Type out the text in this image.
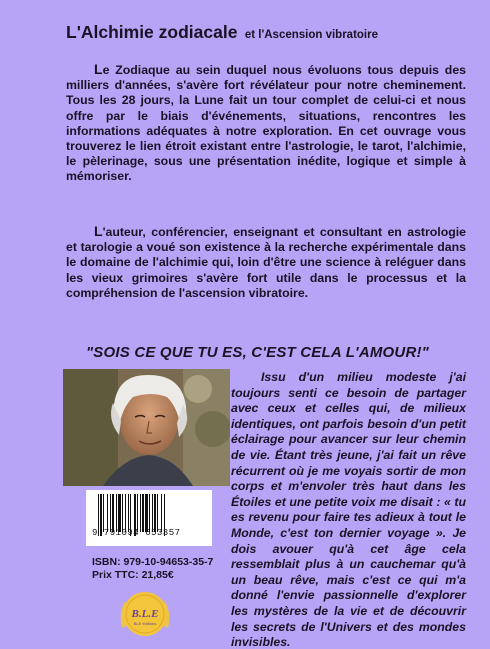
L'Alchimie zodiacale et l'Ascension vibratoire
Le Zodiaque au sein duquel nous évoluons tous depuis des milliers d'années, s'avère fort révélateur pour notre cheminement. Tous les 28 jours, la Lune fait un tour complet de celui-ci et nous offre par le biais d'événements, situations, rencontres les informations adéquates à notre exploration. En cet ouvrage vous trouverez le lien étroit existant entre l'astrologie, le tarot, l'alchimie, le pèlerinage, sous une présentation inédite, logique et simple à mémoriser.
L'auteur, conférencier, enseignant et consultant en astrologie et tarologie a voué son existence à la recherche expérimentale dans le domaine de l'alchimie qui, loin d'être une science à reléguer dans les vieux grimoires s'avère fort utile dans le processus et la compréhension de l'ascension vibratoire.
"SOIS CE QUE TU ES, C'EST CELA L'AMOUR!"
9 791094 653357
ISBN: 979-10-94653-35-7
Prix TTC: 21,85€
B.L.E
BLE éditions
Issu d'un milieu modeste j'ai toujours senti ce besoin de partager avec ceux et celles qui, de milieux identiques, ont parfois besoin d'un petit éclairage pour avancer sur leur chemin de vie. Étant très jeune, j'ai fait un rêve récurrent où je me voyais sortir de mon corps et m'envoler très haut dans les Étoiles et une petite voix me disait : « tu es revenu pour faire tes adieux à tout le Monde, c'est ton dernier voyage ». Je dois avouer qu'à cet âge cela ressemblait plus à un cauchemar qu'à un beau rêve, mais c'est ce qui m'a donné l'envie passionnelle d'explorer les mystères de la vie et de découvrir les secrets de l'Univers et des mondes invisibles.
